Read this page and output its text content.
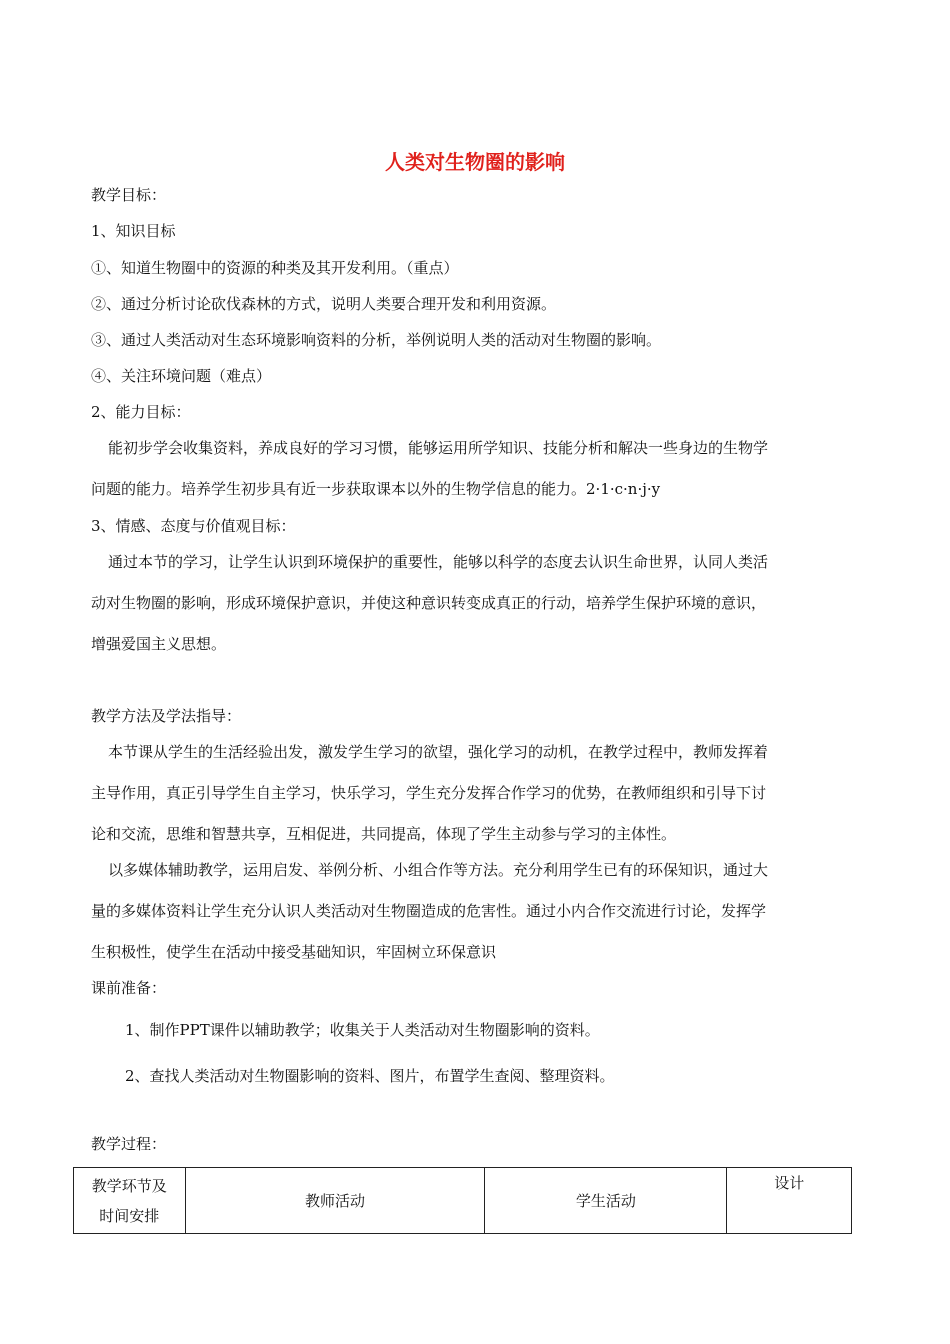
人类对生物圈的影响
教学目标：
1、知识目标
①、知道生物圈中的资源的种类及其开发利用。（重点）
②、通过分析讨论砍伐森林的方式，说明人类要合理开发和利用资源。
③、通过人类活动对生态环境影响资料的分析，举例说明人类的活动对生物圈的影响。
④、关注环境问题（难点）
2、能力目标：
能初步学会收集资料，养成良好的学习习惯，能够运用所学知识、技能分析和解决一些身边的生物学
问题的能力。培养学生初步具有近一步获取课本以外的生物学信息的能力。2·1·c·n·j·y
3、情感、态度与价值观目标：
通过本节的学习，让学生认识到环境保护的重要性，能够以科学的态度去认识生命世界，认同人类活
动对生物圈的影响，形成环境保护意识，并使这种意识转变成真正的行动，培养学生保护环境的意识，
增强爱国主义思想。
教学方法及学法指导：
本节课从学生的生活经验出发，激发学生学习的欲望，强化学习的动机，在教学过程中，教师发挥着
主导作用，真正引导学生自主学习，快乐学习，学生充分发挥合作学习的优势，在教师组织和引导下讨
论和交流，思维和智慧共享，互相促进，共同提高，体现了学生主动参与学习的主体性。
以多媒体辅助教学，运用启发、举例分析、小组合作等方法。充分利用学生已有的环保知识，通过大
量的多媒体资料让学生充分认识人类活动对生物圈造成的危害性。通过小内合作交流进行讨论，发挥学
生积极性，使学生在活动中接受基础知识，牢固树立环保意识
课前准备：
1、制作PPT课件以辅助教学；收集关于人类活动对生物圈影响的资料。
2、查找人类活动对生物圈影响的资料、图片，布置学生查阅、整理资料。
教学过程：
教学环节及
时间安排
	教师活动	学生活动	设计
